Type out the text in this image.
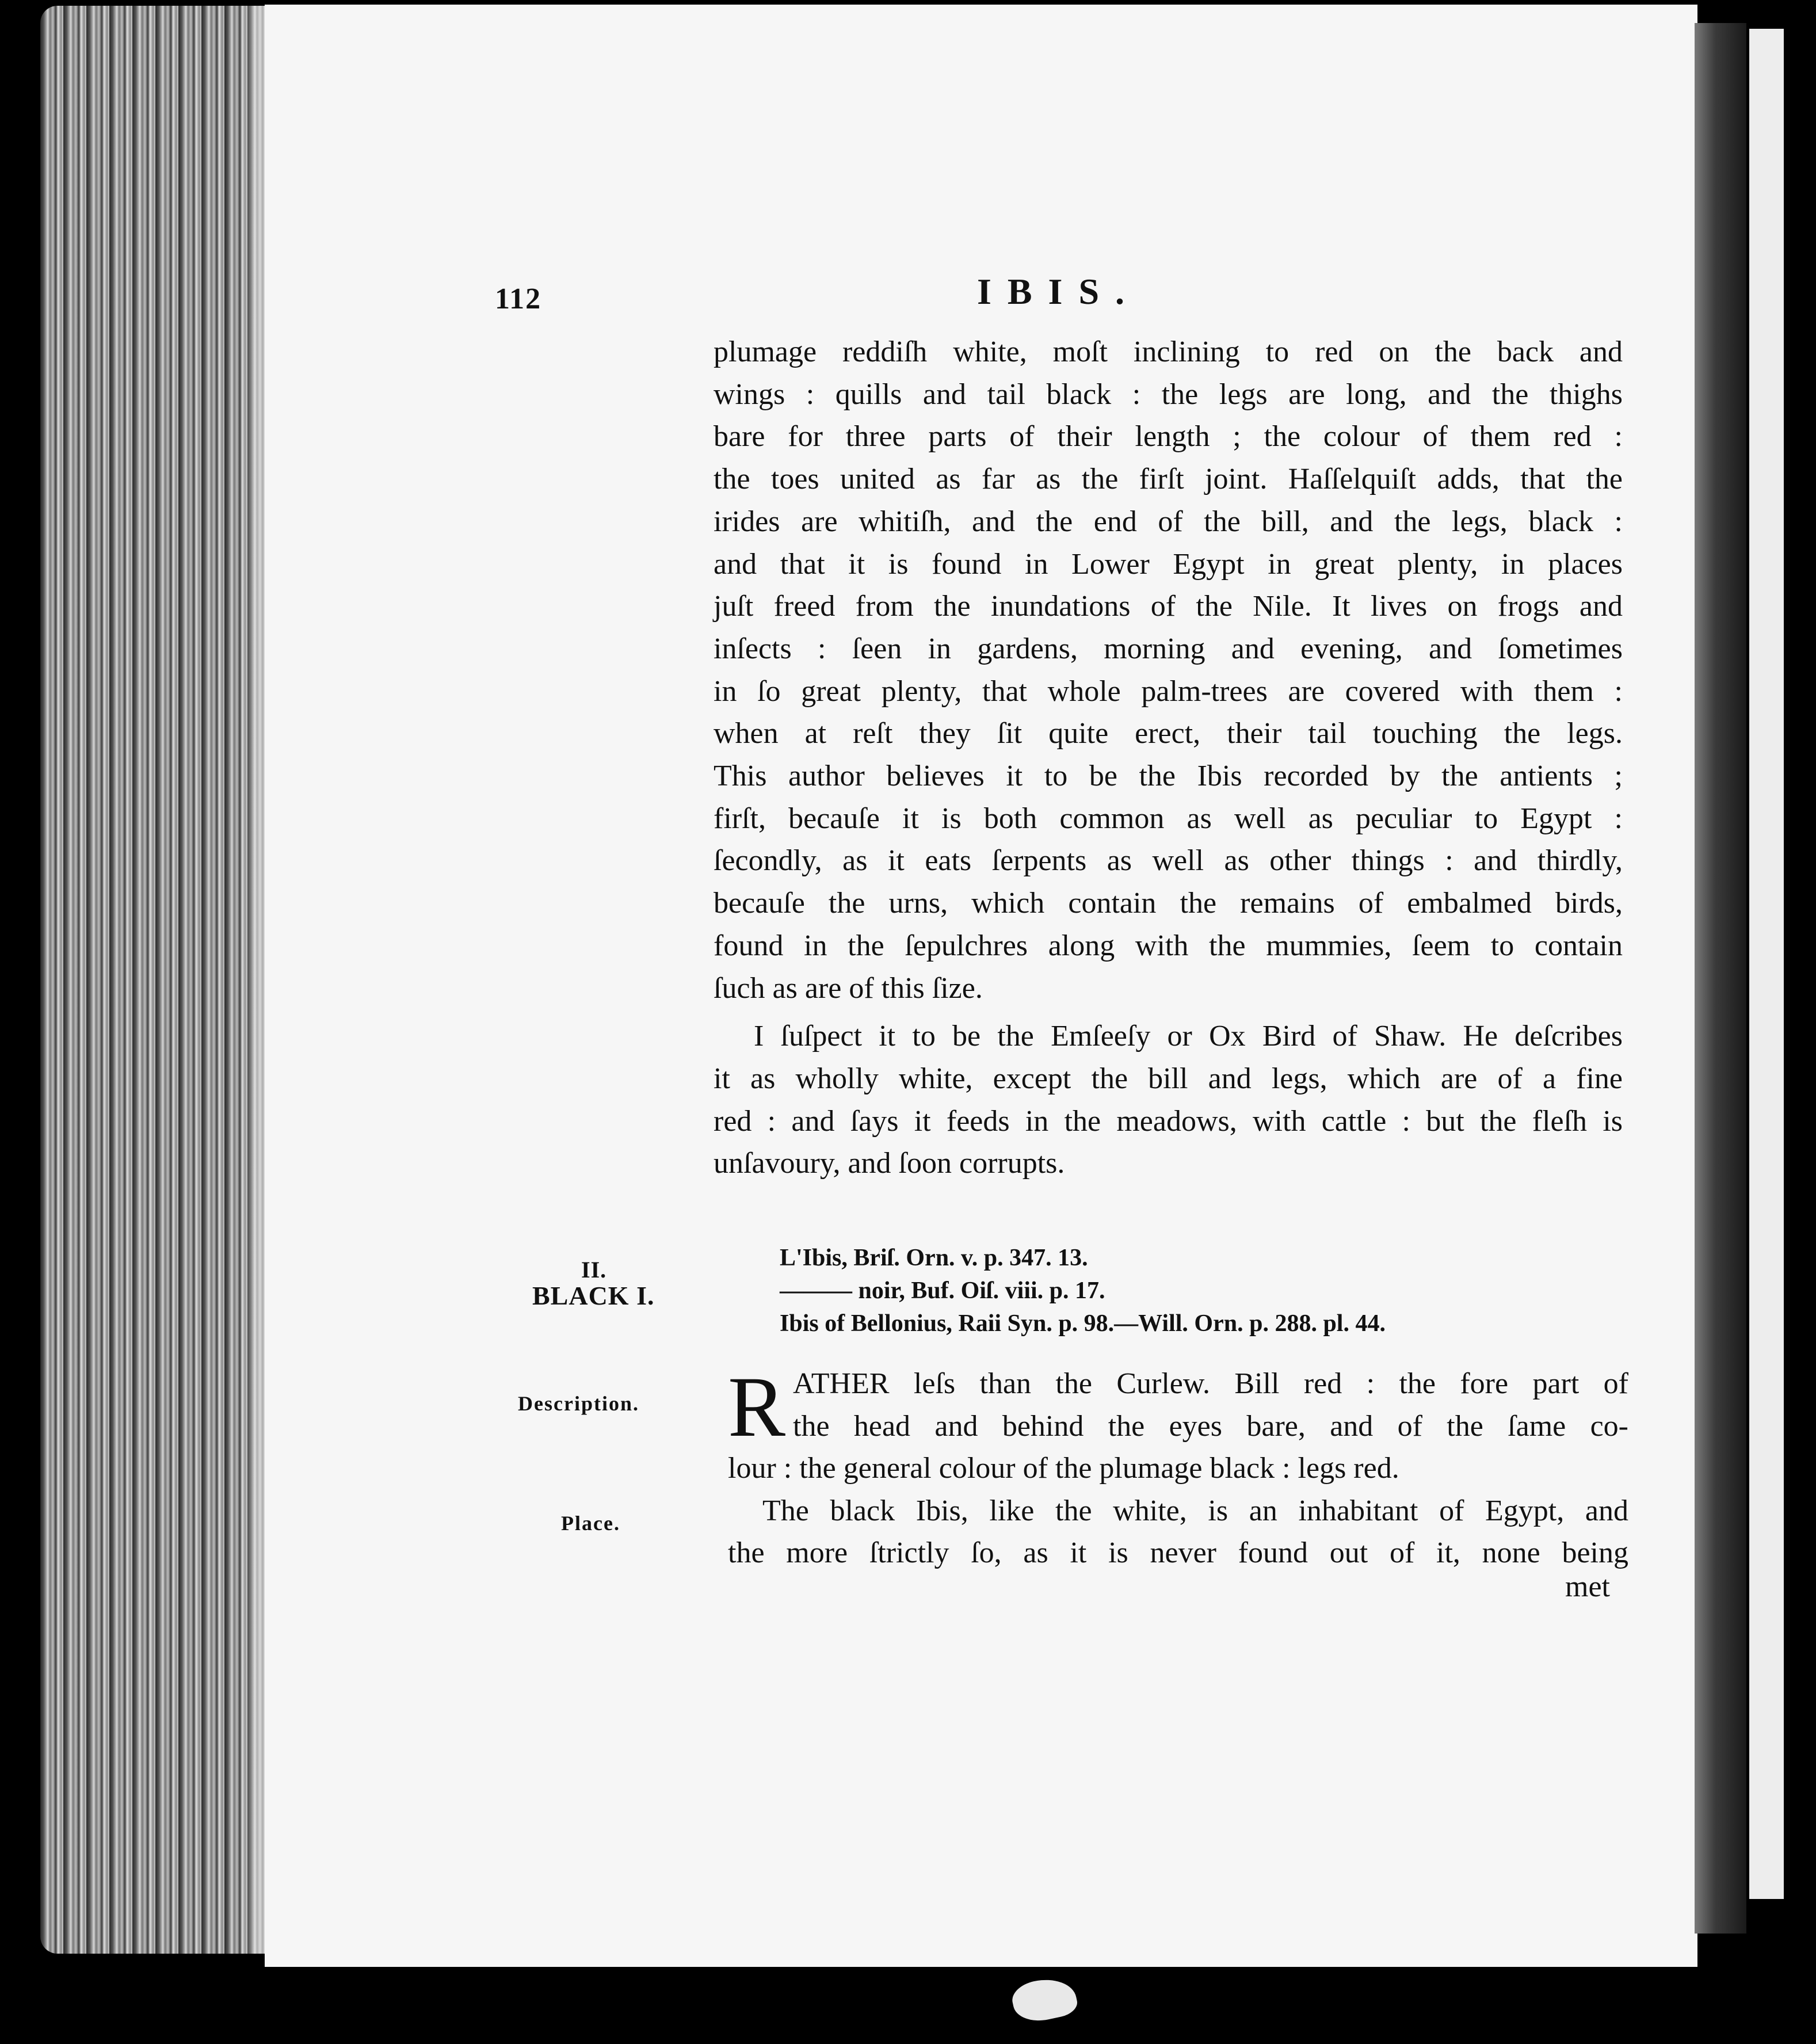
112	IBIS.

plumage reddiſh white, moſt inclining to red on the back and
wings : quills and tail black : the legs are long, and the thighs
bare for three parts of their length ; the colour of them red :
the toes united as far as the firſt joint. Haſſelquiſt adds, that the
irides are whitiſh, and the end of the bill, and the legs, black :
and that it is found in Lower Egypt in great plenty, in places
juſt freed from the inundations of the Nile. It lives on frogs and
inſects : ſeen in gardens, morning and evening, and ſometimes
in ſo great plenty, that whole palm-trees are covered with them :
when at reſt they ſit quite erect, their tail touching the legs.
This author believes it to be the Ibis recorded by the antients ;
firſt, becauſe it is both common as well as peculiar to Egypt :
ſecondly, as it eats ſerpents as well as other things : and thirdly,
becauſe the urns, which contain the remains of embalmed birds,
found in the ſepulchres along with the mummies, ſeem to contain
ſuch as are of this ſize.

I ſuſpect it to be the Emſeeſy or Ox Bird of Shaw. He deſcribes
it as wholly white, except the bill and legs, which are of a fine
red : and ſays it feeds in the meadows, with cattle : but the fleſh is
unſavoury, and ſoon corrupts.

II.
BLACK I.
L'Ibis, Briſ. Orn. v. p. 347. 13.
——— noir, Buf. Oiſ. viii. p. 17.
Ibis of Bellonius, Raii Syn. p. 98.—Will. Orn. p. 288. pl. 44.
Description.
Place.
R ATHER leſs than the Curlew. Bill red : the fore part of
the head and behind the eyes bare, and of the ſame co-
lour : the general colour of the plumage black : legs red.
The black Ibis, like the white, is an inhabitant of Egypt, and
the more ſtrictly ſo, as it is never found out of it, none being
met
